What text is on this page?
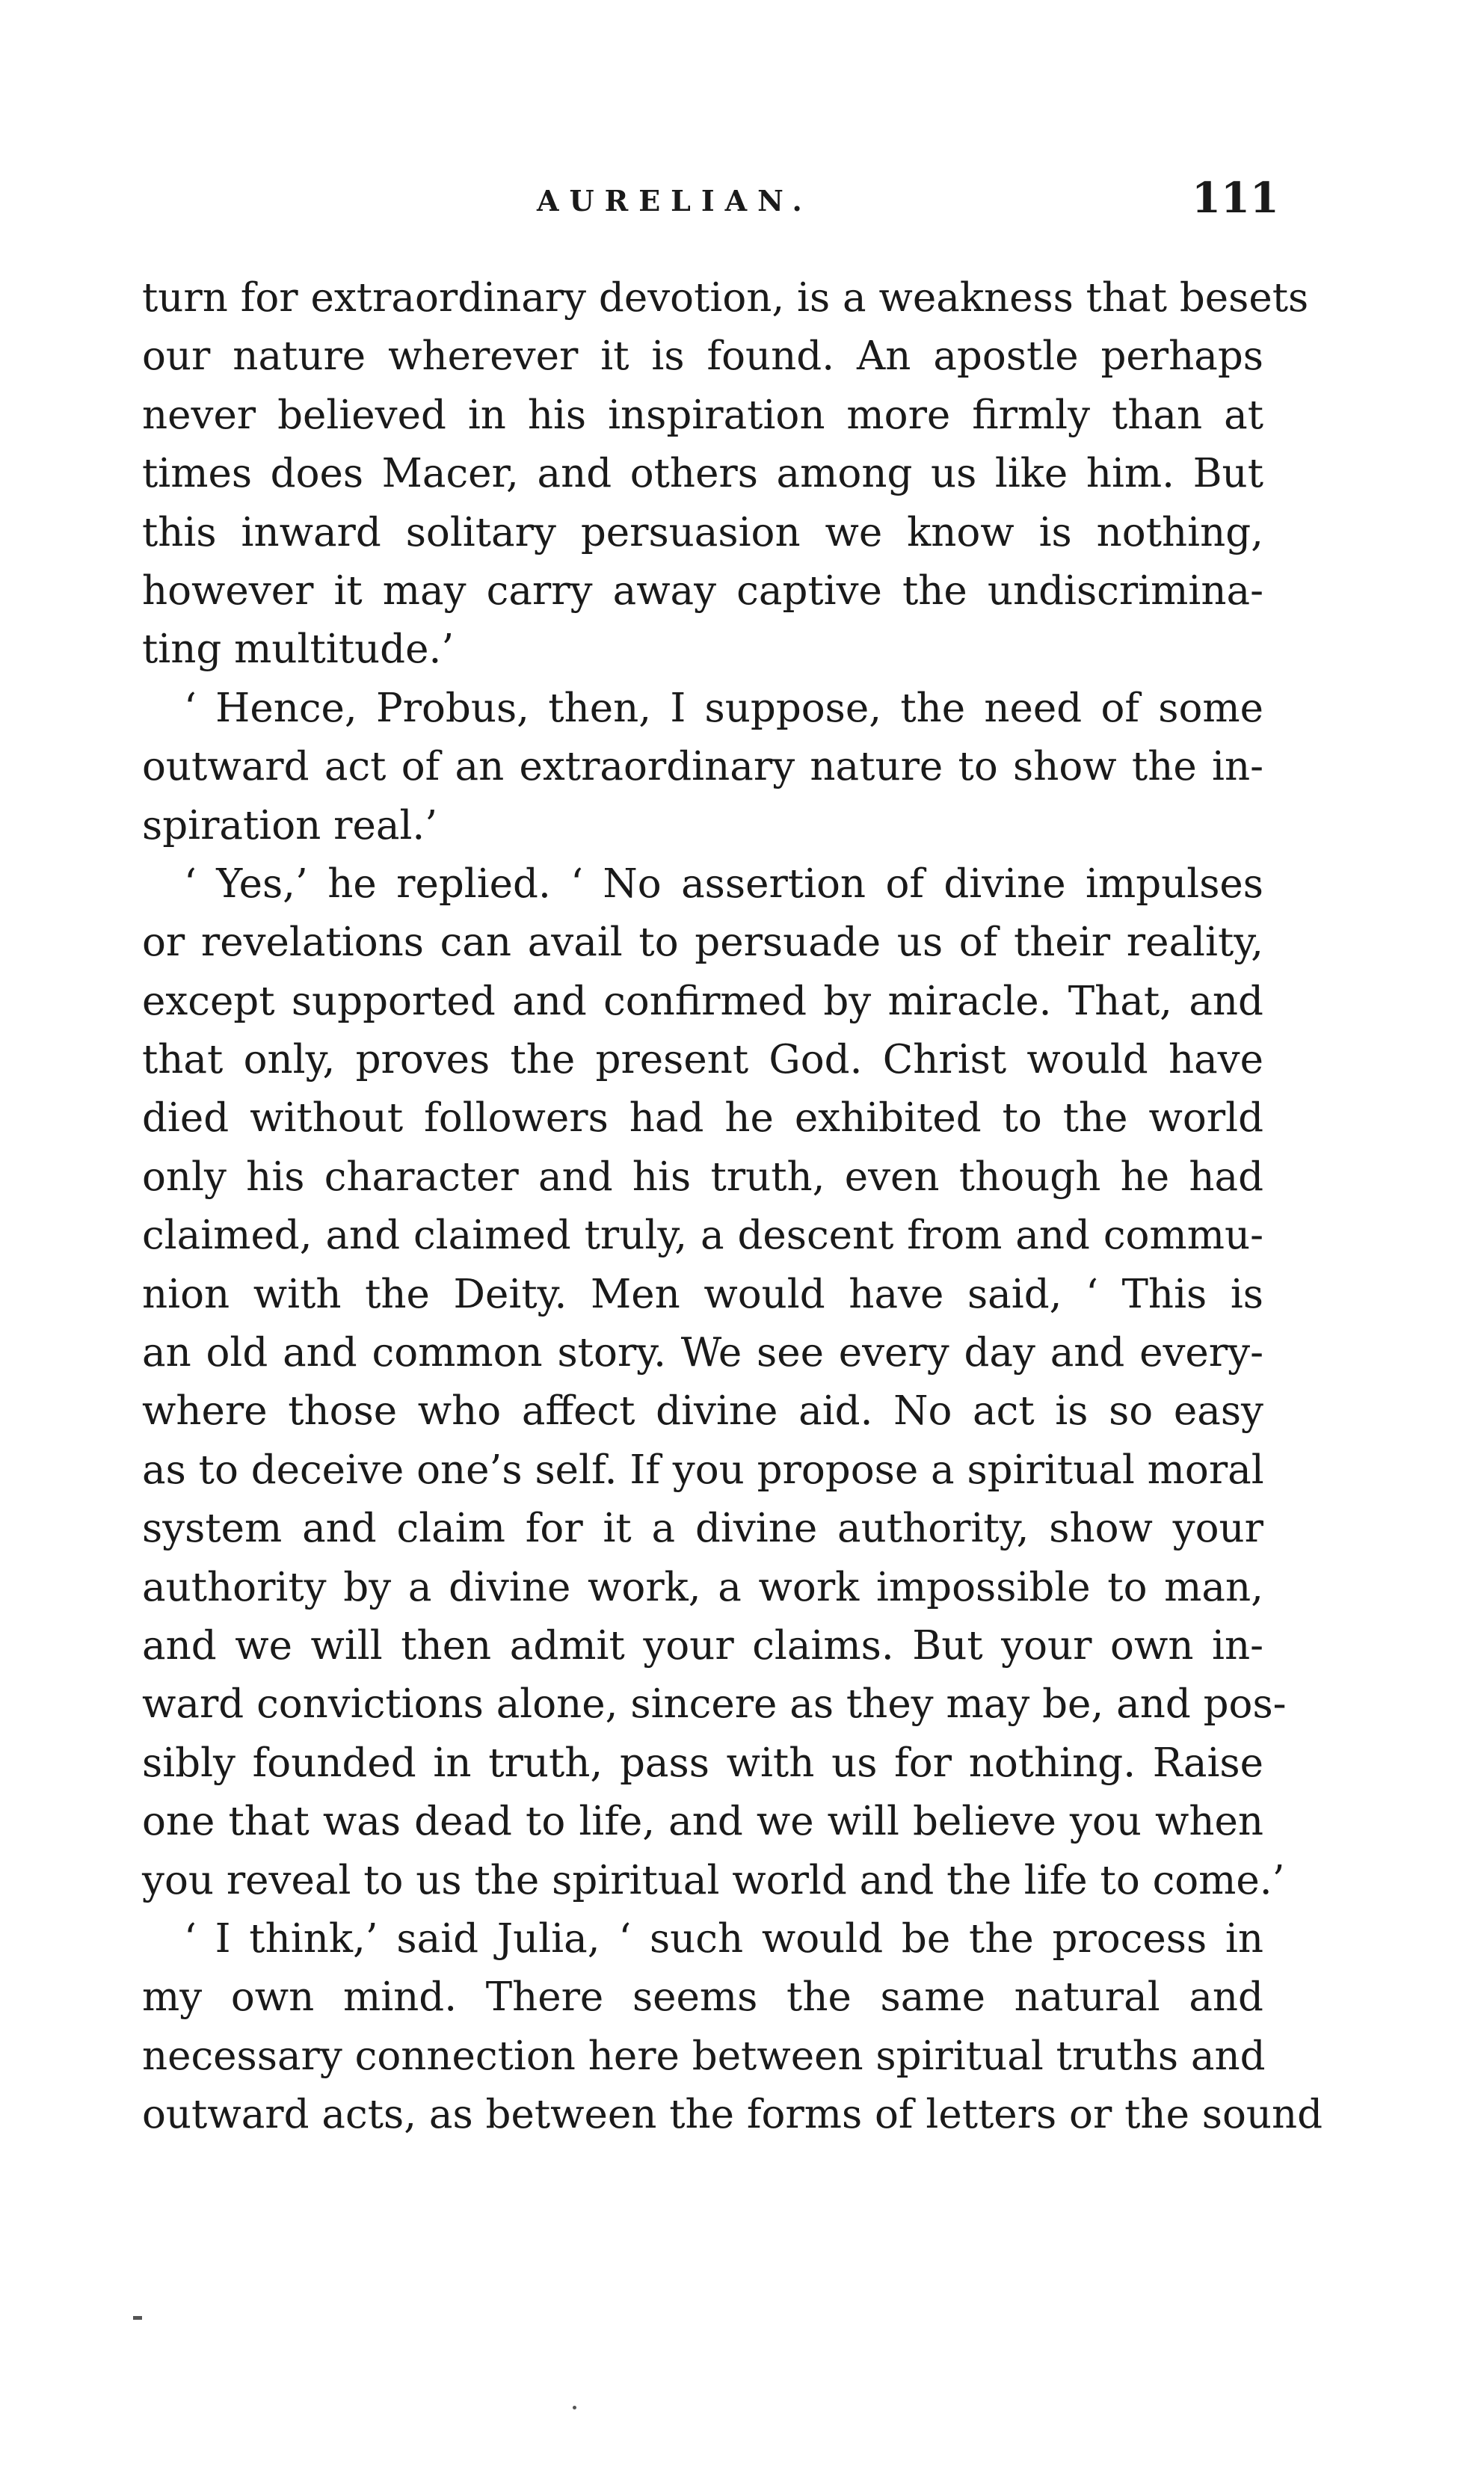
AURELIAN.	111
turn for extraordinary devotion, is a weakness that besets
our nature wherever it is found. An apostle perhaps
never believed in his inspiration more firmly than at
times does Macer, and others among us like him. But
this inward solitary persuasion we know is nothing,
however it may carry away captive the undiscrimina-
ting multitude.’
‘ Hence, Probus, then, I suppose, the need of some
outward act of an extraordinary nature to show the in-
spiration real.’
‘ Yes,’ he replied. ‘ No assertion of divine impulses
or revelations can avail to persuade us of their reality,
except supported and confirmed by miracle. That, and
that only, proves the present God. Christ would have
died without followers had he exhibited to the world
only his character and his truth, even though he had
claimed, and claimed truly, a descent from and commu-
nion with the Deity. Men would have said, ‘ This is
an old and common story. We see every day and every-
where those who affect divine aid. No act is so easy
as to deceive one’s self. If you propose a spiritual moral
system and claim for it a divine authority, show your
authority by a divine work, a work impossible to man,
and we will then admit your claims. But your own in-
ward convictions alone, sincere as they may be, and pos-
sibly founded in truth, pass with us for nothing. Raise
one that was dead to life, and we will believe you when
you reveal to us the spiritual world and the life to come.’
‘ I think,’ said Julia, ‘ such would be the process in
my own mind. There seems the same natural and
necessary connection here between spiritual truths and
outward acts, as between the forms of letters or the sound
